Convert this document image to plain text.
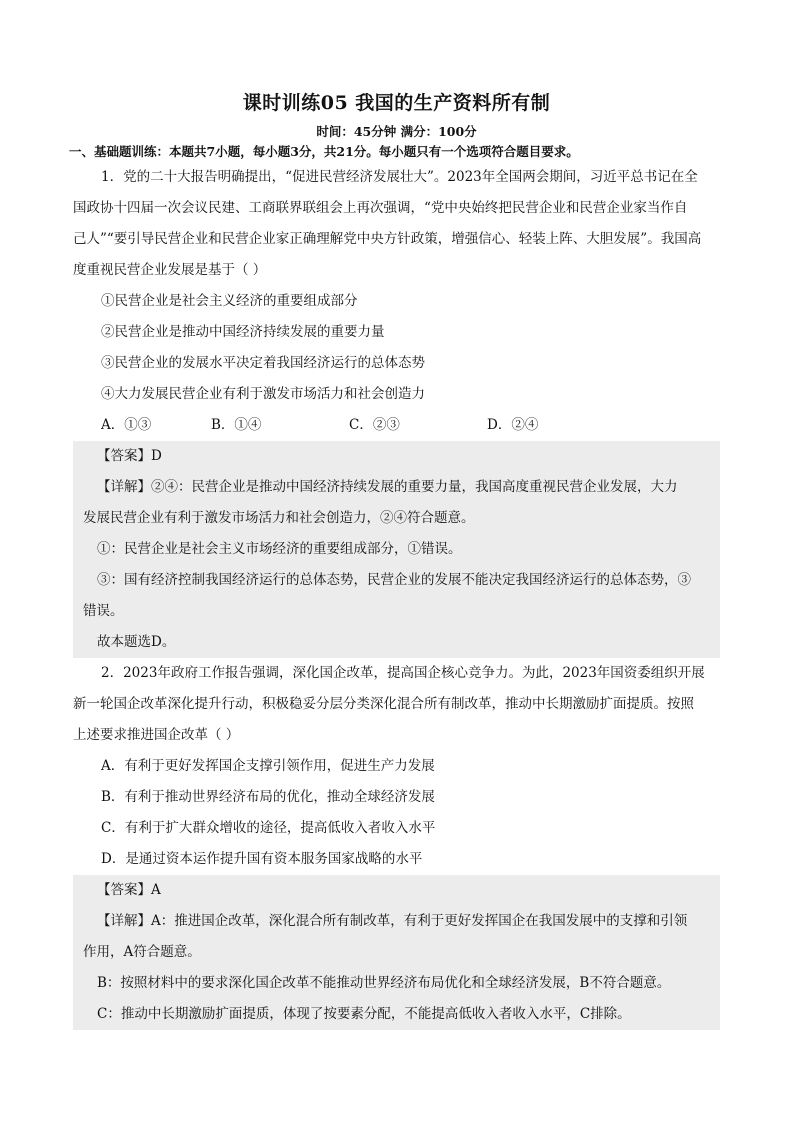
课时训练05 我国的生产资料所有制
时间：45分钟 满分：100分
一、基础题训练：本题共7小题，每小题3分，共21分。每小题只有一个选项符合题目要求。
1．党的二十大报告明确提出，“促进民营经济发展壮大”。2023年全国两会期间，习近平总书记在全
国政协十四届一次会议民建、工商联界联组会上再次强调，“党中央始终把民营企业和民营企业家当作自
己人”“要引导民营企业和民营企业家正确理解党中央方针政策，增强信心、轻装上阵、大胆发展”。我国高
度重视民营企业发展是基于（ ）
①民营企业是社会主义经济的重要组成部分
②民营企业是推动中国经济持续发展的重要力量
③民营企业的发展水平决定着我国经济运行的总体态势
④大力发展民营企业有利于激发市场活力和社会创造力
A．①③	B．①④	C．②③	D．②④
【答案】D
【详解】②④：民营企业是推动中国经济持续发展的重要力量，我国高度重视民营企业发展，大力
发展民营企业有利于激发市场活力和社会创造力，②④符合题意。
①：民营企业是社会主义市场经济的重要组成部分，①错误。
③：国有经济控制我国经济运行的总体态势，民营企业的发展不能决定我国经济运行的总体态势，③
错误。
故本题选D。
2．2023年政府工作报告强调，深化国企改革，提高国企核心竞争力。为此，2023年国资委组织开展
新一轮国企改革深化提升行动，积极稳妥分层分类深化混合所有制改革，推动中长期激励扩面提质。按照
上述要求推进国企改革（ ）
A．有利于更好发挥国企支撑引领作用，促进生产力发展
B．有利于推动世界经济布局的优化，推动全球经济发展
C．有利于扩大群众增收的途径，提高低收入者收入水平
D．是通过资本运作提升国有资本服务国家战略的水平
【答案】A
【详解】A：推进国企改革，深化混合所有制改革，有利于更好发挥国企在我国发展中的支撑和引领
作用，A符合题意。
B：按照材料中的要求深化国企改革不能推动世界经济布局优化和全球经济发展，B不符合题意。
C：推动中长期激励扩面提质，体现了按要素分配，不能提高低收入者收入水平，C排除。
